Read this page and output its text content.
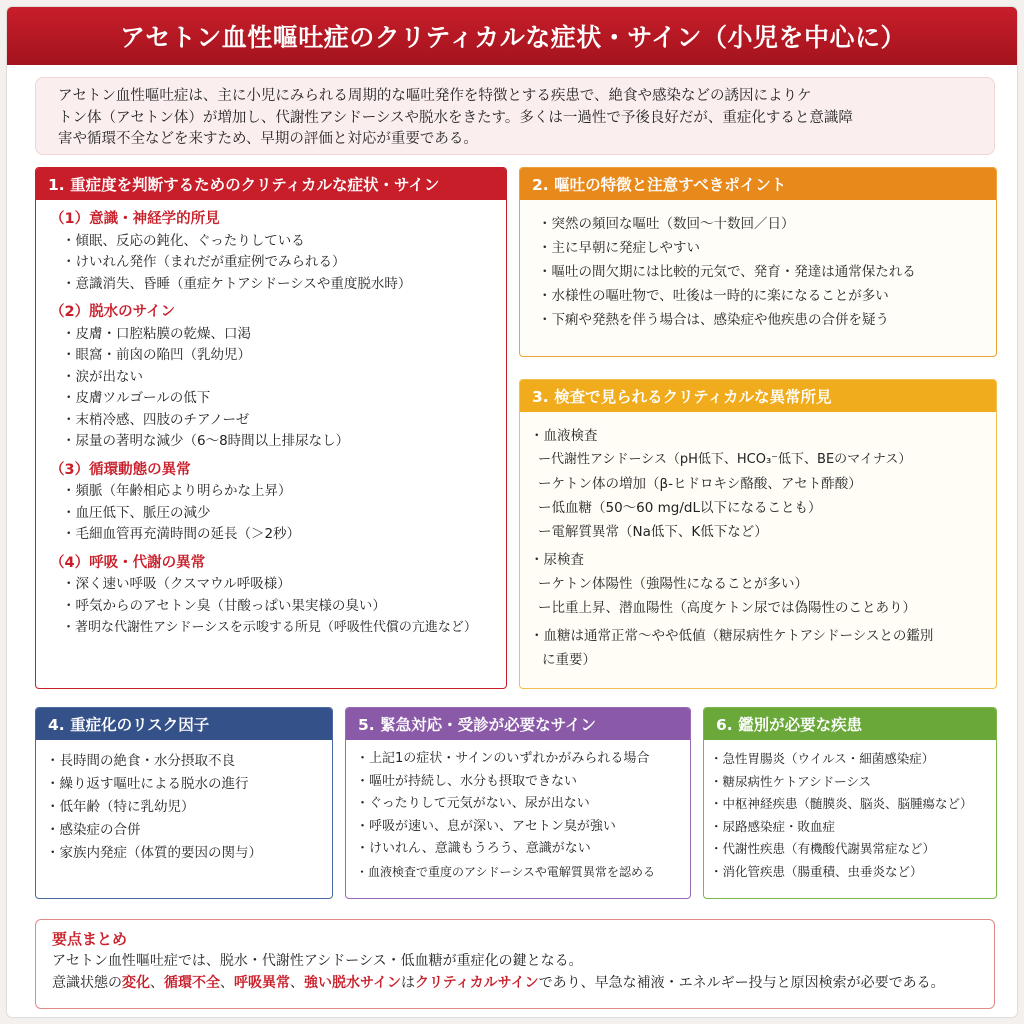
アセトン血性嘔吐症のクリティカルな症状・サイン（小児を中心に）
アセトン血性嘔吐症は、主に小児にみられる周期的な嘔吐発作を特徴とする疾患で、絶食や感染などの誘因によりケ
トン体（アセトン体）が増加し、代謝性アシドーシスや脱水をきたす。多くは一過性で予後良好だが、重症化すると意識障
害や循環不全などを来すため、早期の評価と対応が重要である。
1. 重症度を判断するためのクリティカルな症状・サイン
（1）意識・神経学的所見
・ 傾眠、反応の鈍化、ぐったりしている
・ けいれん発作（まれだが重症例でみられる）
・ 意識消失、昏睡（重症ケトアシドーシスや重度脱水時）
（2）脱水のサイン
・ 皮膚・口腔粘膜の乾燥、口渇
・ 眼窩・前囟の陥凹（乳幼児）
・ 涙が出ない
・ 皮膚ツルゴールの低下
・ 末梢冷感、四肢のチアノーゼ
・ 尿量の著明な減少（6〜8時間以上排尿なし）
（3）循環動態の異常
・ 頻脈（年齢相応より明らかな上昇）
・ 血圧低下、脈圧の減少
・ 毛細血管再充満時間の延長（＞2秒）
（4）呼吸・代謝の異常
・ 深く速い呼吸（クスマウル呼吸様）
・ 呼気からのアセトン臭（甘酸っぱい果実様の臭い）
・ 著明な代謝性アシドーシスを示唆する所見（呼吸性代償の亢進など）
2. 嘔吐の特徴と注意すべきポイント
・ 突然の頻回な嘔吐（数回〜十数回／日）
・ 主に早朝に発症しやすい
・ 嘔吐の間欠期には比較的元気で、発育・発達は通常保たれる
・ 水様性の嘔吐物で、吐後は一時的に楽になることが多い
・ 下痢や発熱を伴う場合は、感染症や他疾患の合併を疑う
3. 検査で見られるクリティカルな異常所見
・ 血液検査
ー 代謝性アシドーシス（pH低下、HCO₃⁻低下、BEのマイナス）
ー ケトン体の増加（β-ヒドロキシ酪酸、アセト酢酸）
ー 低血糖（50〜60 mg/dL以下になることも）
ー 電解質異常（Na低下、K低下など）
・ 尿検査
ー ケトン体陽性（強陽性になることが多い）
ー 比重上昇、潜血陽性（高度ケトン尿では偽陽性のことあり）
・ 血糖は通常正常〜やや低値（糖尿病性ケトアシドーシスとの鑑別
に重要）
4. 重症化のリスク因子
・ 長時間の絶食・水分摂取不良
・ 繰り返す嘔吐による脱水の進行
・ 低年齢（特に乳幼児）
・ 感染症の合併
・ 家族内発症（体質的要因の関与）
5. 緊急対応・受診が必要なサイン
・ 上記1の症状・サインのいずれかがみられる場合
・ 嘔吐が持続し、水分も摂取できない
・ ぐったりして元気がない、尿が出ない
・ 呼吸が速い、息が深い、アセトン臭が強い
・ けいれん、意識もうろう、意識がない
・ 血液検査で重度のアシドーシスや電解質異常を認める
6. 鑑別が必要な疾患
・ 急性胃腸炎（ウイルス・細菌感染症）
・ 糖尿病性ケトアシドーシス
・ 中枢神経疾患（髄膜炎、脳炎、脳腫瘍など）
・ 尿路感染症・敗血症
・ 代謝性疾患（有機酸代謝異常症など）
・ 消化管疾患（腸重積、虫垂炎など）
要点まとめ
アセトン血性嘔吐症では、脱水・代謝性アシドーシス・低血糖が重症化の鍵となる。
意識状態の変化、循環不全、呼吸異常、強い脱水サインはクリティカルサインであり、早急な補液・エネルギー投与と原因検索が必要である。
